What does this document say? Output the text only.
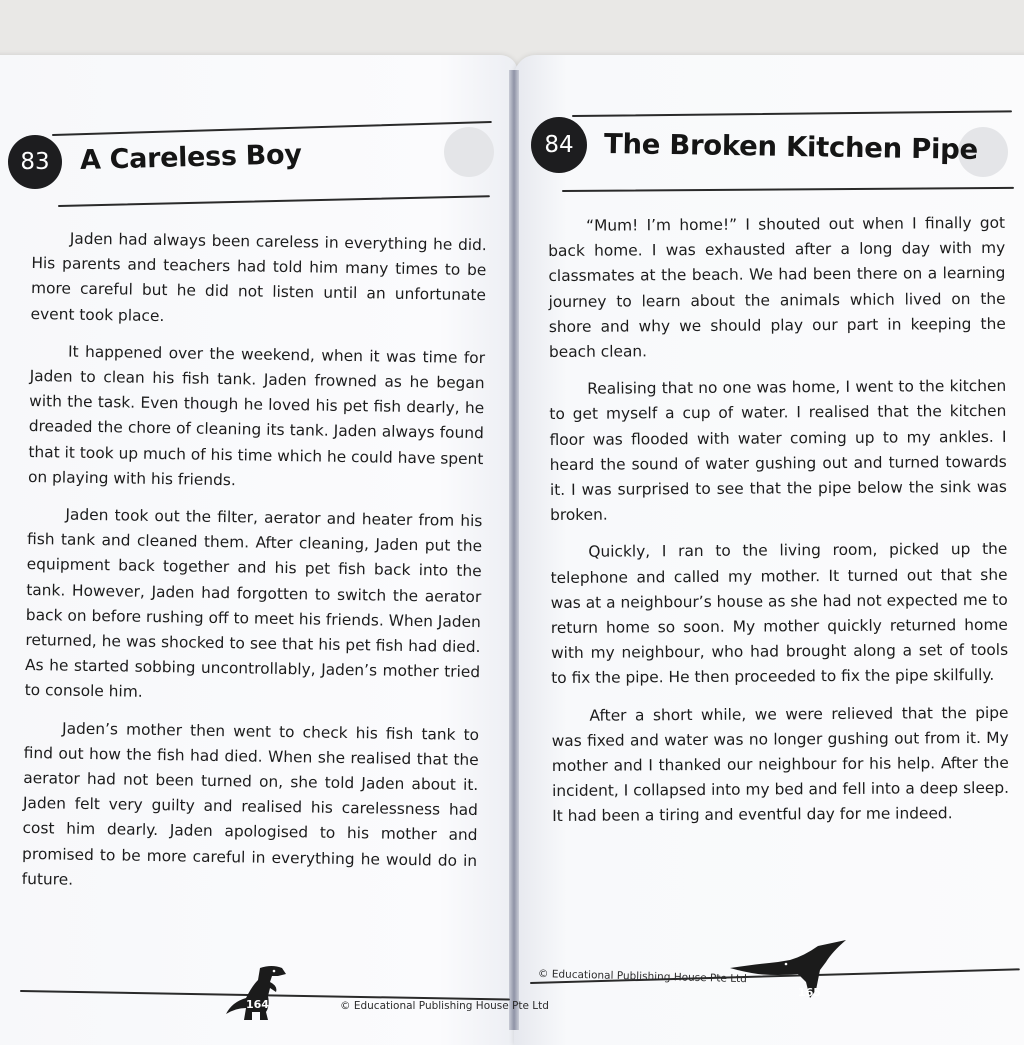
83 A Careless Boy

Jaden had always been careless in everything he did. His parents and teachers had told him many times to be more careful but he did not listen until an unfortunate event took place.

It happened over the weekend, when it was time for Jaden to clean his fish tank. Jaden frowned as he began with the task. Even though he loved his pet fish dearly, he dreaded the chore of cleaning its tank. Jaden always found that it took up much of his time which he could have spent on playing with his friends.

Jaden took out the filter, aerator and heater from his fish tank and cleaned them. After cleaning, Jaden put the equipment back together and his pet fish back into the tank. However, Jaden had forgotten to switch the aerator back on before rushing off to meet his friends. When Jaden returned, he was shocked to see that his pet fish had died. As he started sobbing uncontrollably, Jaden’s mother tried to console him.

Jaden’s mother then went to check his fish tank to find out how the fish had died. When she realised that the aerator had not been turned on, she told Jaden about it. Jaden felt very guilty and realised his carelessness had cost him dearly. Jaden apologised to his mother and promised to be more careful in everything he would do in future.

164	© Educational Publishing House Pte Ltd
84 The Broken Kitchen Pipe

“Mum! I’m home!” I shouted out when I finally got back home. I was exhausted after a long day with my classmates at the beach. We had been there on a learning journey to learn about the animals which lived on the shore and why we should play our part in keeping the beach clean.

Realising that no one was home, I went to the kitchen to get myself a cup of water. I realised that the kitchen floor was flooded with water coming up to my ankles. I heard the sound of water gushing out and turned towards it. I was surprised to see that the pipe below the sink was broken.

Quickly, I ran to the living room, picked up the telephone and called my mother. It turned out that she was at a neighbour’s house as she had not expected me to return home so soon. My mother quickly returned home with my neighbour, who had brought along a set of tools to fix the pipe. He then proceeded to fix the pipe skilfully.

After a short while, we were relieved that the pipe was fixed and water was no longer gushing out from it. My mother and I thanked our neighbour for his help. After the incident, I collapsed into my bed and fell into a deep sleep. It had been a tiring and eventful day for me indeed.

© Educational Publishing House Pte Ltd
165
